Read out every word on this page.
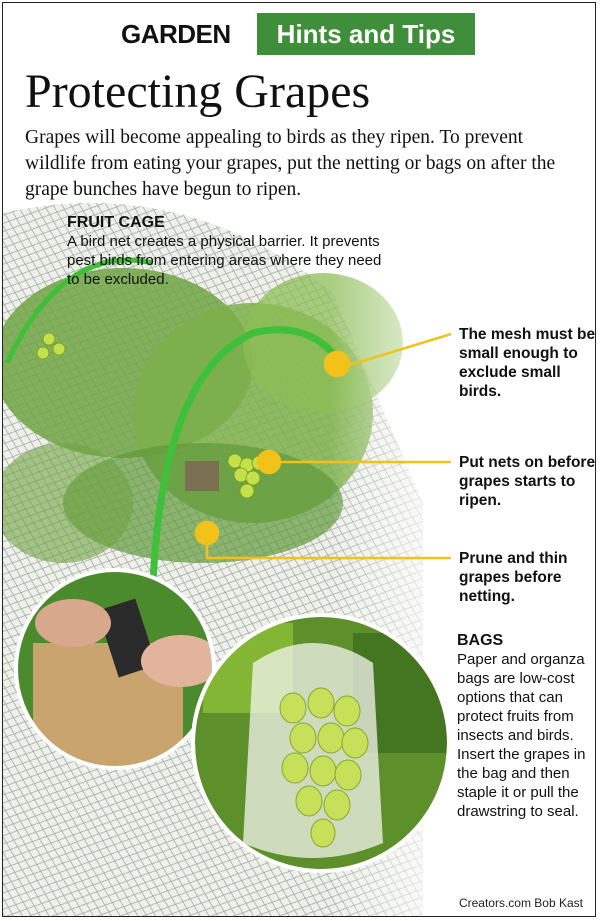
GARDEN	Hints and Tips
Protecting Grapes
Grapes will become appealing to birds as they ripen. To prevent wildlife from eating your grapes, put the netting or bags on after the grape bunches have begun to ripen.
FRUIT CAGE
A bird net creates a physical barrier. It prevents pest birds from entering areas where they need to be excluded.
The mesh must be small enough to exclude small birds.
Put nets on before grapes starts to ripen.
Prune and thin grapes before netting.
BAGS
Paper and organza bags are low-cost options that can protect fruits from insects and birds. Insert the grapes in the bag and then staple it or pull the drawstring to seal.
Creators.com Bob Kast
